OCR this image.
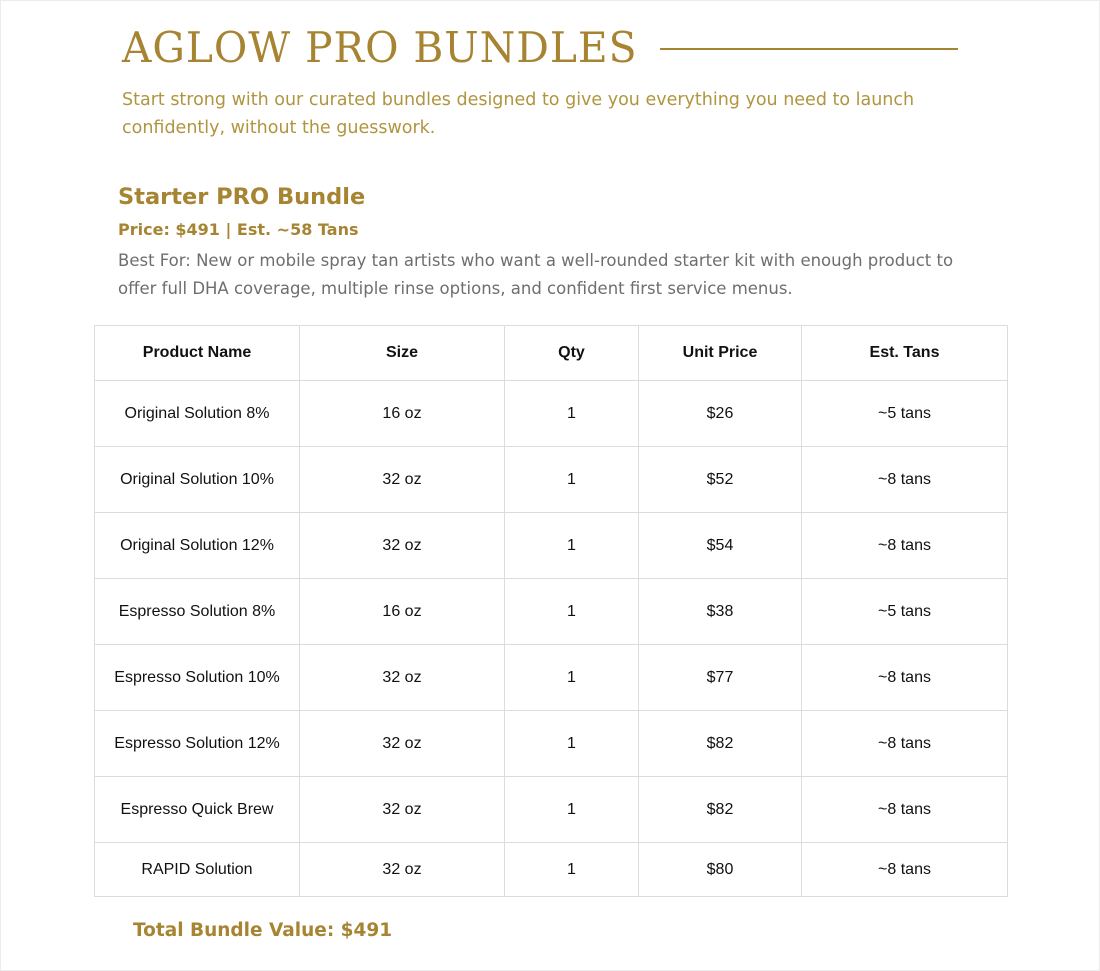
AGLOW PRO BUNDLES
Start strong with our curated bundles designed to give you everything you need to launch confidently, without the guesswork.
Starter PRO Bundle
Price: $491 | Est. ~58 Tans
Best For: New or mobile spray tan artists who want a well-rounded starter kit with enough product to offer full DHA coverage, multiple rinse options, and confident first service menus.
Product Name	Size	Qty	Unit Price	Est. Tans
Original Solution 8%	16 oz	1	$26	~5 tans
Original Solution 10%	32 oz	1	$52	~8 tans
Original Solution 12%	32 oz	1	$54	~8 tans
Espresso Solution 8%	16 oz	1	$38	~5 tans
Espresso Solution 10%	32 oz	1	$77	~8 tans
Espresso Solution 12%	32 oz	1	$82	~8 tans
Espresso Quick Brew	32 oz	1	$82	~8 tans
RAPID Solution	32 oz	1	$80	~8 tans
Total Bundle Value: $491
